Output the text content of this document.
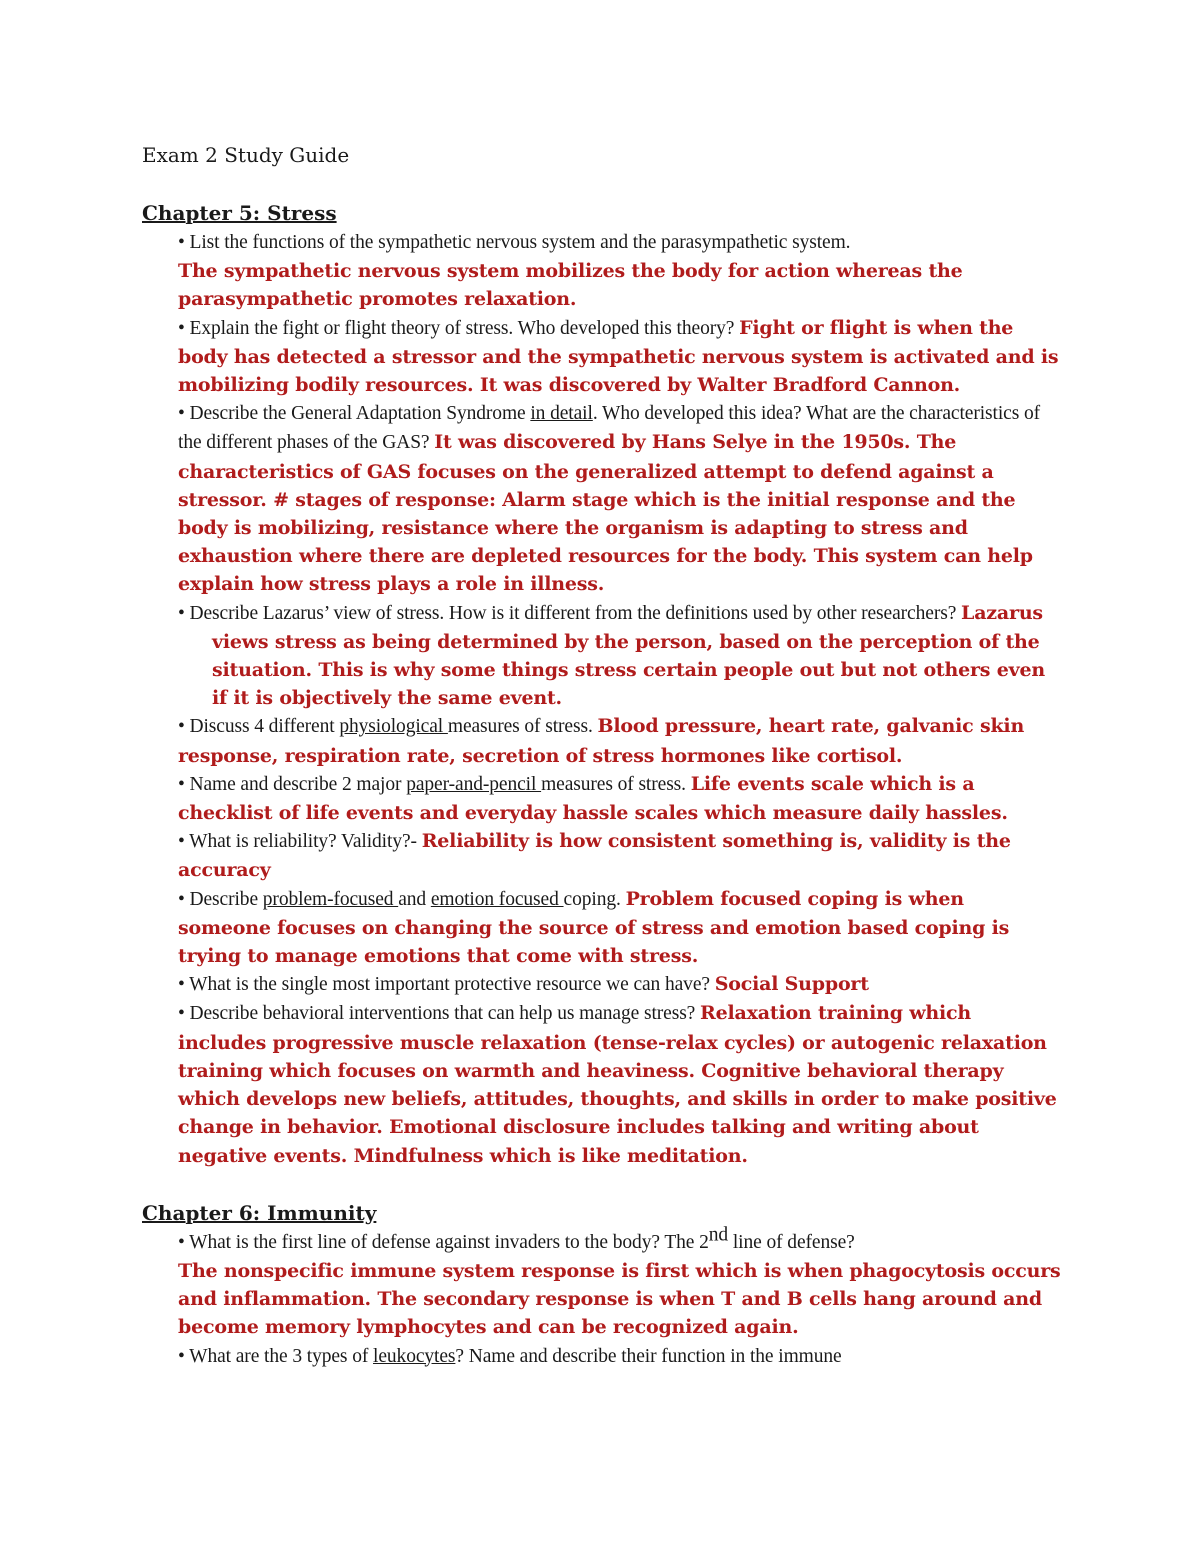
Exam 2 Study Guide

Chapter 5: Stress

• List the functions of the sympathetic nervous system and the parasympathetic system.
The sympathetic nervous system mobilizes the body for action whereas the parasympathetic promotes relaxation.

• Explain the fight or flight theory of stress. Who developed this theory? Fight or flight is when the body has detected a stressor and the sympathetic nervous system is activated and is mobilizing bodily resources. It was discovered by Walter Bradford Cannon.

• Describe the General Adaptation Syndrome in detail. Who developed this idea? What are the characteristics of the different phases of the GAS? It was discovered by Hans Selye in the 1950s. The characteristics of GAS focuses on the generalized attempt to defend against a stressor. # stages of response: Alarm stage which is the initial response and the body is mobilizing, resistance where the organism is adapting to stress and exhaustion where there are depleted resources for the body. This system can help explain how stress plays a role in illness.

• Describe Lazarus’ view of stress. How is it different from the definitions used by other researchers? Lazarus views stress as being determined by the person, based on the perception of the situation. This is why some things stress certain people out but not others even if it is objectively the same event.

• Discuss 4 different physiological measures of stress. Blood pressure, heart rate, galvanic skin response, respiration rate, secretion of stress hormones like cortisol.

• Name and describe 2 major paper-and-pencil measures of stress. Life events scale which is a checklist of life events and everyday hassle scales which measure daily hassles.

• What is reliability? Validity?- Reliability is how consistent something is, validity is the accuracy

• Describe problem-focused and emotion focused coping. Problem focused coping is when someone focuses on changing the source of stress and emotion based coping is trying to manage emotions that come with stress.

• What is the single most important protective resource we can have? Social Support

• Describe behavioral interventions that can help us manage stress? Relaxation training which includes progressive muscle relaxation (tense-relax cycles) or autogenic relaxation training which focuses on warmth and heaviness. Cognitive behavioral therapy which develops new beliefs, attitudes, thoughts, and skills in order to make positive change in behavior. Emotional disclosure includes talking and writing about negative events. Mindfulness which is like meditation.

Chapter 6: Immunity

• What is the first line of defense against invaders to the body? The 2nd line of defense?
The nonspecific immune system response is first which is when phagocytosis occurs and inflammation. The secondary response is when T and B cells hang around and become memory lymphocytes and can be recognized again.

• What are the 3 types of leukocytes? Name and describe their function in the immune
